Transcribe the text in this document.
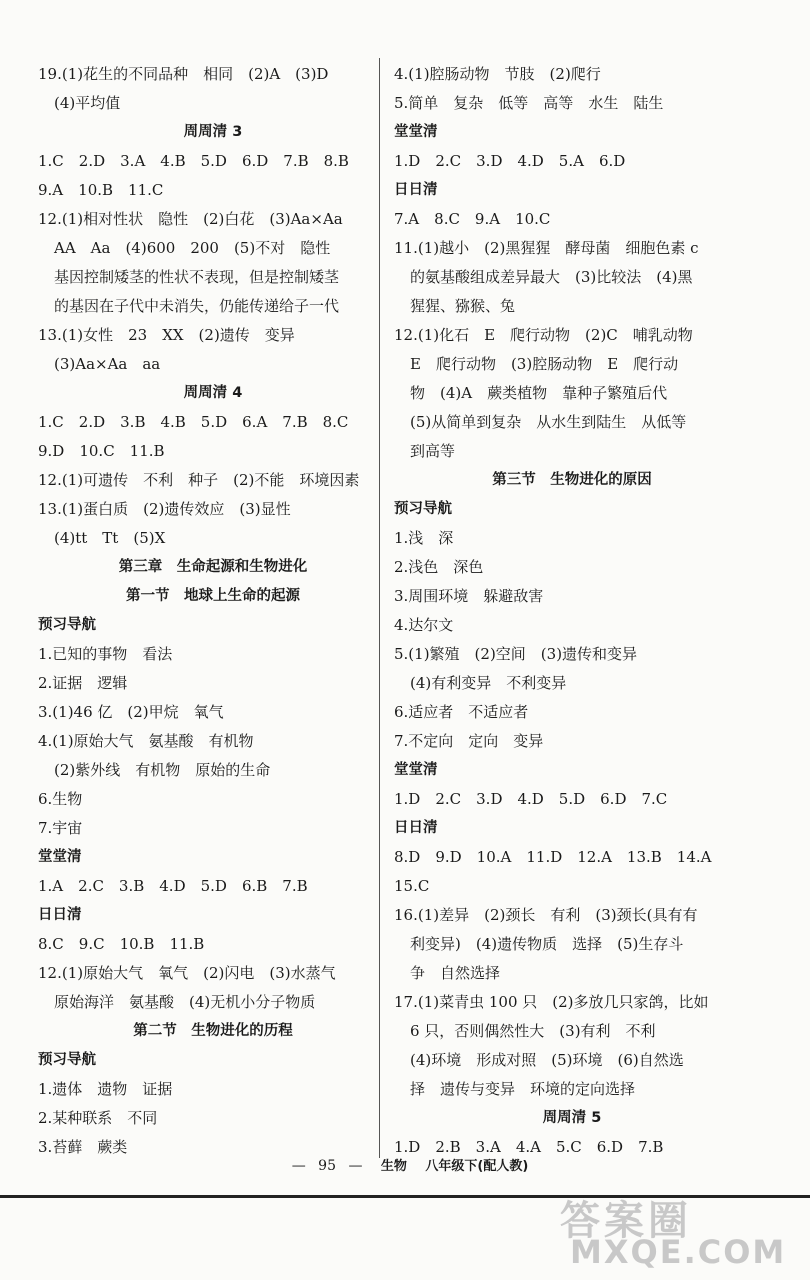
19.(1)花生的不同品种　相同　(2)A　(3)D
(4)平均值
周周清 3
1.C　2.D　3.A　4.B　5.D　6.D　7.B　8.B
9.A　10.B　11.C
12.(1)相对性状　隐性　(2)白花　(3)Aa×Aa
AA　Aa　(4)600　200　(5)不对　隐性
基因控制矮茎的性状不表现，但是控制矮茎
的基因在子代中未消失，仍能传递给子一代
13.(1)女性　23　XX　(2)遗传　变异
(3)Aa×Aa　aa
周周清 4
1.C　2.D　3.B　4.B　5.D　6.A　7.B　8.C
9.D　10.C　11.B
12.(1)可遗传　不利　种子　(2)不能　环境因素
13.(1)蛋白质　(2)遗传效应　(3)显性
(4)tt　Tt　(5)X
第三章　生命起源和生物进化
第一节　地球上生命的起源
预习导航
1.已知的事物　看法
2.证据　逻辑
3.(1)46 亿　(2)甲烷　氧气
4.(1)原始大气　氨基酸　有机物
(2)紫外线　有机物　原始的生命
6.生物
7.宇宙
堂堂清
1.A　2.C　3.B　4.D　5.D　6.B　7.B
日日清
8.C　9.C　10.B　11.B
12.(1)原始大气　氧气　(2)闪电　(3)水蒸气
原始海洋　氨基酸　(4)无机小分子物质
第二节　生物进化的历程
预习导航
1.遗体　遗物　证据
2.某种联系　不同
3.苔藓　蕨类
4.(1)腔肠动物　节肢　(2)爬行
5.简单　复杂　低等　高等　水生　陆生
堂堂清
1.D　2.C　3.D　4.D　5.A　6.D
日日清
7.A　8.C　9.A　10.C
11.(1)越小　(2)黑猩猩　酵母菌　细胞色素 c
的氨基酸组成差异最大　(3)比较法　(4)黑
猩猩、猕猴、兔
12.(1)化石　E　爬行动物　(2)C　哺乳动物
E　爬行动物　(3)腔肠动物　E　爬行动
物　(4)A　蕨类植物　靠种子繁殖后代
(5)从简单到复杂　从水生到陆生　从低等
到高等
第三节　生物进化的原因
预习导航
1.浅　深
2.浅色　深色
3.周围环境　躲避敌害
4.达尔文
5.(1)繁殖　(2)空间　(3)遗传和变异
(4)有利变异　不利变异
6.适应者　不适应者
7.不定向　定向　变异
堂堂清
1.D　2.C　3.D　4.D　5.D　6.D　7.C
日日清
8.D　9.D　10.A　11.D　12.A　13.B　14.A
15.C
16.(1)差异　(2)颈长　有利　(3)颈长(具有有
利变异)　(4)遗传物质　选择　(5)生存斗
争　自然选择
17.(1)菜青虫 100 只　(2)多放几只家鸽，比如
6 只，否则偶然性大　(3)有利　不利
(4)环境　形成对照　(5)环境　(6)自然选
择　遗传与变异　环境的定向选择
周周清 5
1.D　2.B　3.A　4.A　5.C　6.D　7.B
— 95 — 生物 八年级下(配人教)
答案圈
MXQE.COM
